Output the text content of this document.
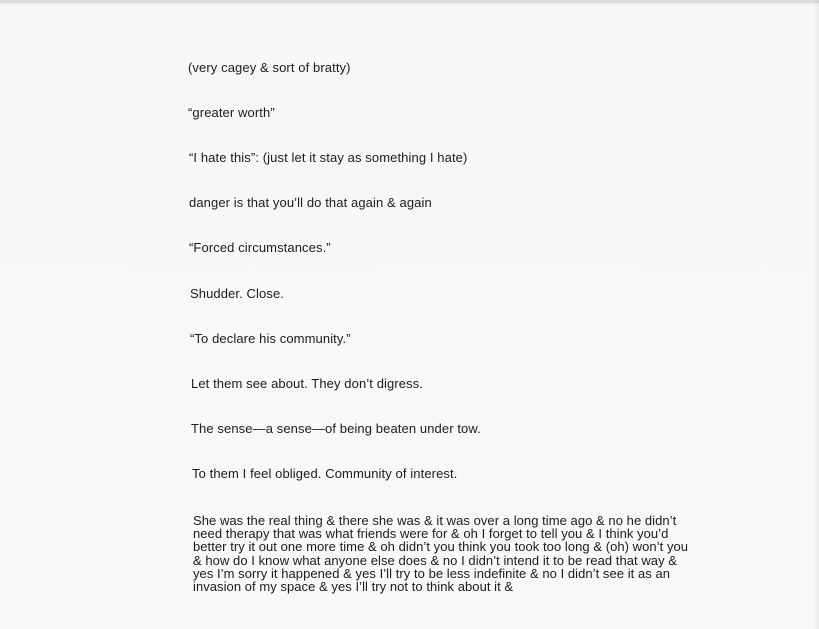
(very cagey & sort of bratty)
“greater worth”
“I hate this”: (just let it stay as something I hate)
danger is that you’ll do that again & again
“Forced circumstances.”
Shudder. Close.
“To declare his community.”
Let them see about. They don’t digress.
The sense—a sense—of being beaten under tow.
To them I feel obliged. Community of interest.
She was the real thing & there she was & it was over a long time ago & no he didn’t
need therapy that was what friends were for & oh I forget to tell you & I think you’d
better try it out one more time & oh didn’t you think you took too long & (oh) won’t you
& how do I know what anyone else does & no I didn’t intend it to be read that way &
yes I’m sorry it happened & yes I’ll try to be less indefinite & no I didn’t see it as an
invasion of my space & yes I’ll try not to think about it &
